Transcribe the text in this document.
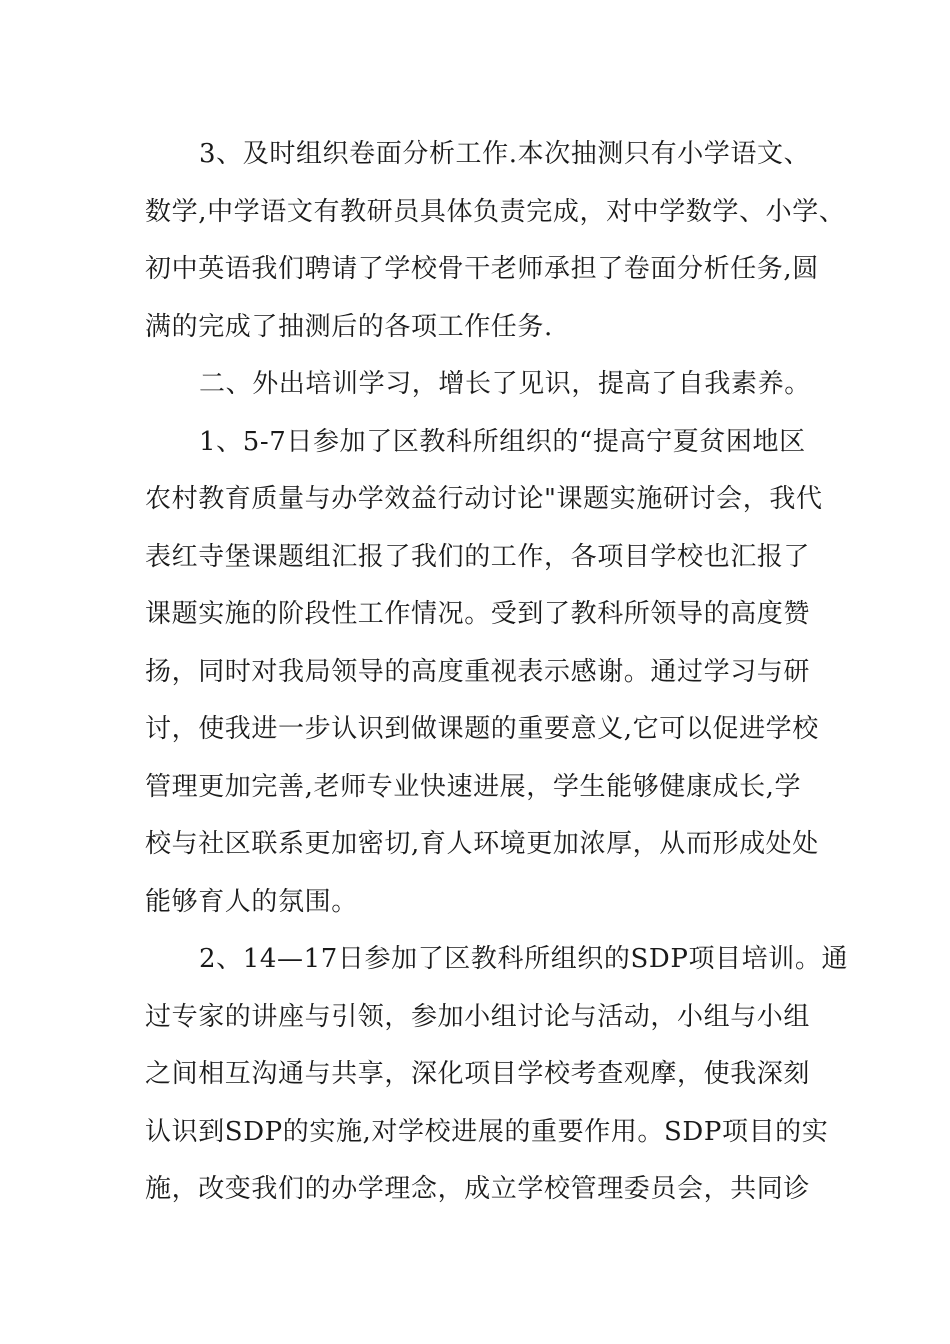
3、及时组织卷面分析工作.本次抽测只有小学语文、
数学,中学语文有教研员具体负责完成，对中学数学、小学、
初中英语我们聘请了学校骨干老师承担了卷面分析任务,圆
满的完成了抽测后的各项工作任务.

二、外出培训学习，增长了见识，提高了自我素养。

1、5-7日参加了区教科所组织的“提高宁夏贫困地区
农村教育质量与办学效益行动讨论"课题实施研讨会，我代
表红寺堡课题组汇报了我们的工作，各项目学校也汇报了
课题实施的阶段性工作情况。受到了教科所领导的高度赞
扬，同时对我局领导的高度重视表示感谢。通过学习与研
讨，使我进一步认识到做课题的重要意义,它可以促进学校
管理更加完善,老师专业快速进展，学生能够健康成长,学
校与社区联系更加密切,育人环境更加浓厚，从而形成处处
能够育人的氛围。

2、14—17日参加了区教科所组织的SDP项目培训。通
过专家的讲座与引领，参加小组讨论与活动，小组与小组
之间相互沟通与共享，深化项目学校考查观摩，使我深刻
认识到SDP的实施,对学校进展的重要作用。SDP项目的实
施，改变我们的办学理念，成立学校管理委员会，共同诊
